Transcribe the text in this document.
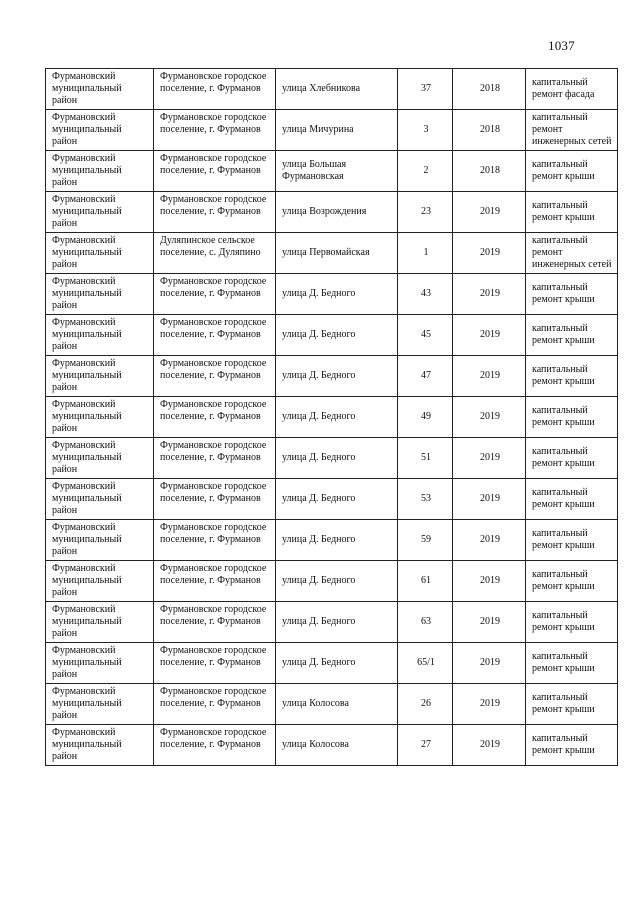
1037
Фурмановский муниципальный район	Фурмановское городское поселение, г. Фурманов	улица Хлебникова	37	2018	капитальный ремонт фасада
Фурмановский муниципальный район	Фурмановское городское поселение, г. Фурманов	улица Мичурина	3	2018	капитальный ремонт инженерных сетей
Фурмановский муниципальный район	Фурмановское городское поселение, г. Фурманов	улица Большая Фурмановская	2	2018	капитальный ремонт крыши
Фурмановский муниципальный район	Фурмановское городское поселение, г. Фурманов	улица Возрождения	23	2019	капитальный ремонт крыши
Фурмановский муниципальный район	Дуляпинское сельское поселение, с. Дуляпино	улица Первомайская	1	2019	капитальный ремонт инженерных сетей
Фурмановский муниципальный район	Фурмановское городское поселение, г. Фурманов	улица Д. Бедного	43	2019	капитальный ремонт крыши
Фурмановский муниципальный район	Фурмановское городское поселение, г. Фурманов	улица Д. Бедного	45	2019	капитальный ремонт крыши
Фурмановский муниципальный район	Фурмановское городское поселение, г. Фурманов	улица Д. Бедного	47	2019	капитальный ремонт крыши
Фурмановский муниципальный район	Фурмановское городское поселение, г. Фурманов	улица Д. Бедного	49	2019	капитальный ремонт крыши
Фурмановский муниципальный район	Фурмановское городское поселение, г. Фурманов	улица Д. Бедного	51	2019	капитальный ремонт крыши
Фурмановский муниципальный район	Фурмановское городское поселение, г. Фурманов	улица Д. Бедного	53	2019	капитальный ремонт крыши
Фурмановский муниципальный район	Фурмановское городское поселение, г. Фурманов	улица Д. Бедного	59	2019	капитальный ремонт крыши
Фурмановский муниципальный район	Фурмановское городское поселение, г. Фурманов	улица Д. Бедного	61	2019	капитальный ремонт крыши
Фурмановский муниципальный район	Фурмановское городское поселение, г. Фурманов	улица Д. Бедного	63	2019	капитальный ремонт крыши
Фурмановский муниципальный район	Фурмановское городское поселение, г. Фурманов	улица Д. Бедного	65/1	2019	капитальный ремонт крыши
Фурмановский муниципальный район	Фурмановское городское поселение, г. Фурманов	улица Колосова	26	2019	капитальный ремонт крыши
Фурмановский муниципальный район	Фурмановское городское поселение, г. Фурманов	улица Колосова	27	2019	капитальный ремонт крыши
